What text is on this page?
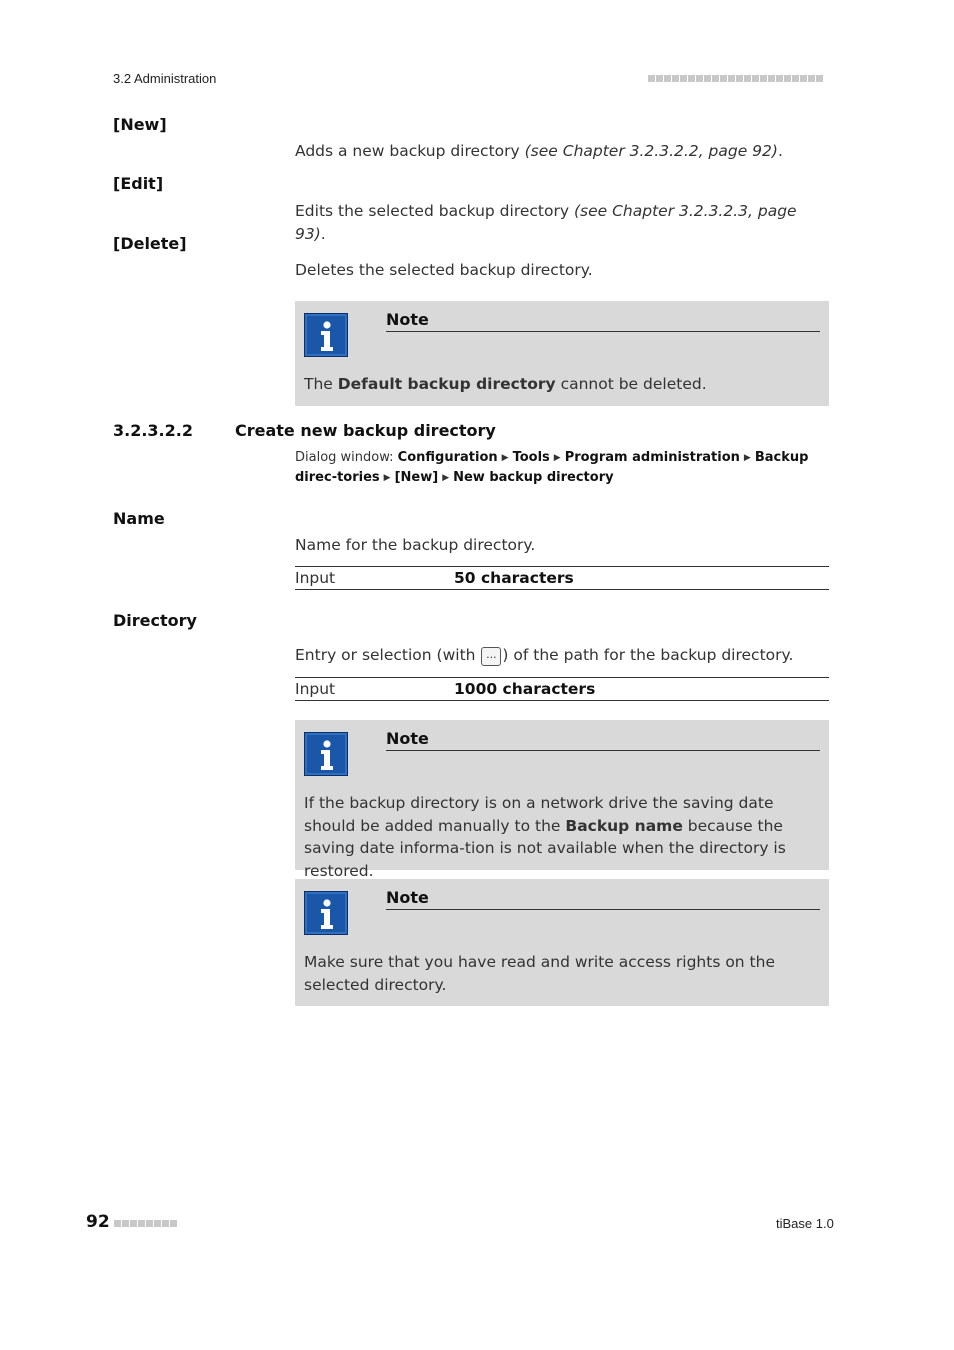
3.2 Administration
[New]
Adds a new backup directory (see Chapter 3.2.3.2.2, page 92).
[Edit]
Edits the selected backup directory (see Chapter 3.2.3.2.3, page 93).
[Delete]
Deletes the selected backup directory.
Note
The Default backup directory cannot be deleted.
3.2.3.2.2	Create new backup directory
Dialog window: Configuration ▶ Tools ▶ Program administration ▶ Backup direc-tories ▶ [New] ▶ New backup directory
Name
Name for the backup directory.
Input	50 characters
Directory
Entry or selection (with ... ) of the path for the backup directory.
Input	1000 characters
Note
If the backup directory is on a network drive the saving date should be added manually to the Backup name because the saving date informa-tion is not available when the directory is restored.
Note
Make sure that you have read and write access rights on the selected directory.
92	tiBase 1.0
